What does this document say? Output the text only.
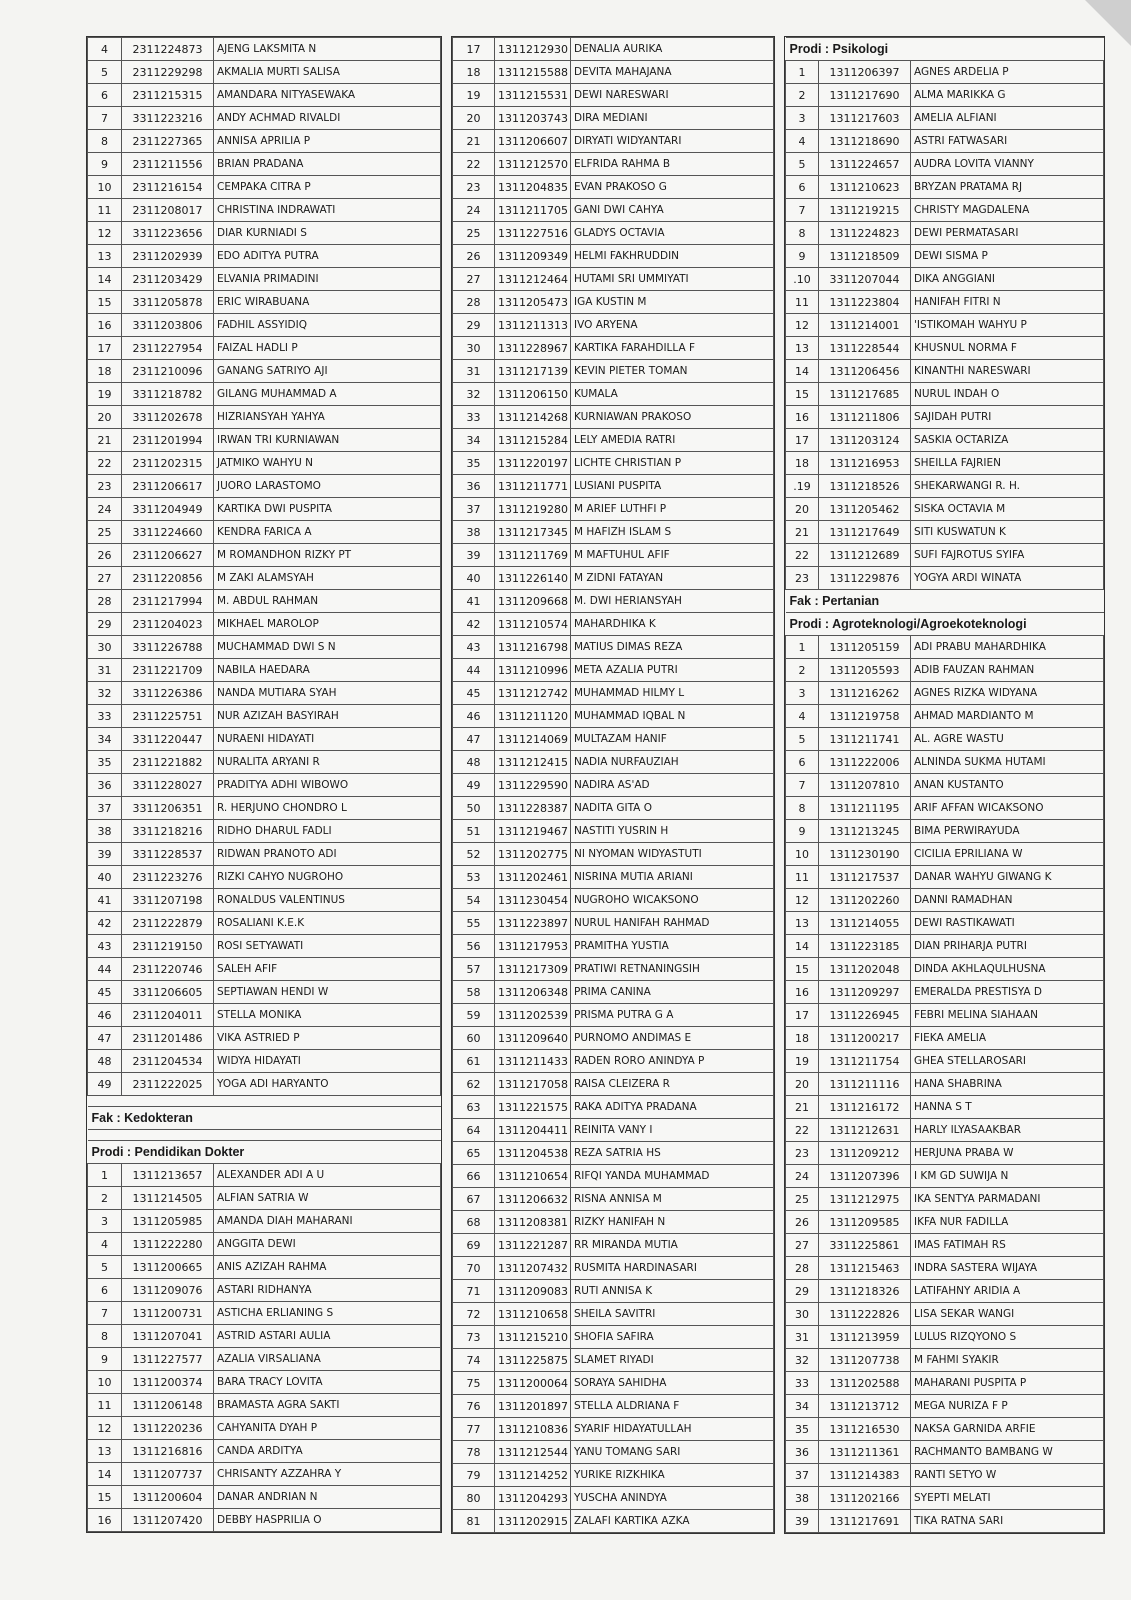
4	2311224873	AJENG LAKSMITA N
5	2311229298	AKMALIA MURTI SALISA
6	2311215315	AMANDARA NITYASEWAKA
7	3311223216	ANDY ACHMAD RIVALDI
8	2311227365	ANNISA APRILIA P
9	2311211556	BRIAN PRADANA
10	2311216154	CEMPAKA CITRA P
11	2311208017	CHRISTINA INDRAWATI
12	3311223656	DIAR KURNIADI S
13	2311202939	EDO ADITYA PUTRA
14	2311203429	ELVANIA PRIMADINI
15	3311205878	ERIC WIRABUANA
16	3311203806	FADHIL ASSYIDIQ
17	2311227954	FAIZAL HADLI P
18	2311210096	GANANG SATRIYO AJI
19	3311218782	GILANG MUHAMMAD A
20	3311202678	HIZRIANSYAH YAHYA
21	2311201994	IRWAN TRI KURNIAWAN
22	2311202315	JATMIKO WAHYU N
23	2311206617	JUORO LARASTOMO
24	3311204949	KARTIKA DWI PUSPITA
25	3311224660	KENDRA FARICA A
26	2311206627	M ROMANDHON RIZKY PT
27	2311220856	M ZAKI ALAMSYAH
28	2311217994	M. ABDUL RAHMAN
29	2311204023	MIKHAEL MAROLOP
30	3311226788	MUCHAMMAD DWI S N
31	2311221709	NABILA HAEDARA
32	3311226386	NANDA MUTIARA SYAH
33	2311225751	NUR AZIZAH BASYIRAH
34	3311220447	NURAENI HIDAYATI
35	2311221882	NURALITA ARYANI R
36	3311228027	PRADITYA ADHI WIBOWO
37	3311206351	R. HERJUNO CHONDRO L
38	3311218216	RIDHO DHARUL FADLI
39	3311228537	RIDWAN PRANOTO ADI
40	2311223276	RIZKI CAHYO NUGROHO
41	3311207198	RONALDUS VALENTINUS
42	2311222879	ROSALIANI K.E.K
43	2311219150	ROSI SETYAWATI
44	2311220746	SALEH AFIF
45	3311206605	SEPTIAWAN HENDI W
46	2311204011	STELLA MONIKA
47	2311201486	VIKA ASTRIED P
48	2311204534	WIDYA HIDAYATI
49	2311222025	YOGA ADI HARYANTO

Fak : Kedokteran		

Prodi : Pendidikan Dokter		
1	1311213657	ALEXANDER ADI A U
2	1311214505	ALFIAN SATRIA W
3	1311205985	AMANDA DIAH MAHARANI
4	1311222280	ANGGITA DEWI
5	1311200665	ANIS AZIZAH RAHMA
6	1311209076	ASTARI RIDHANYA
7	1311200731	ASTICHA ERLIANING S
8	1311207041	ASTRID ASTARI AULIA
9	1311227577	AZALIA VIRSALIANA
10	1311200374	BARA TRACY LOVITA
11	1311206148	BRAMASTA AGRA SAKTI
12	1311220236	CAHYANITA DYAH P
13	1311216816	CANDA ARDITYA
14	1311207737	CHRISANTY AZZAHRA Y
15	1311200604	DANAR ANDRIAN N
16	1311207420	DEBBY HASPRILIA O
17	1311212930	DENALIA AURIKA
18	1311215588	DEVITA MAHAJANA
19	1311215531	DEWI NARESWARI
20	1311203743	DIRA MEDIANI
21	1311206607	DIRYATI WIDYANTARI
22	1311212570	ELFRIDA RAHMA B
23	1311204835	EVAN PRAKOSO G
24	1311211705	GANI DWI CAHYA
25	1311227516	GLADYS OCTAVIA
26	1311209349	HELMI FAKHRUDDIN
27	1311212464	HUTAMI SRI UMMIYATI
28	1311205473	IGA KUSTIN M
29	1311211313	IVO ARYENA
30	1311228967	KARTIKA FARAHDILLA F
31	1311217139	KEVIN PIETER TOMAN
32	1311206150	KUMALA
33	1311214268	KURNIAWAN PRAKOSO
34	1311215284	LELY AMEDIA RATRI
35	1311220197	LICHTE CHRISTIAN P
36	1311211771	LUSIANI PUSPITA
37	1311219280	M ARIEF LUTHFI P
38	1311217345	M HAFIZH ISLAM S
39	1311211769	M MAFTUHUL AFIF
40	1311226140	M ZIDNI FATAYAN
41	1311209668	M. DWI HERIANSYAH
42	1311210574	MAHARDHIKA K
43	1311216798	MATIUS DIMAS REZA
44	1311210996	META AZALIA PUTRI
45	1311212742	MUHAMMAD HILMY L
46	1311211120	MUHAMMAD IQBAL N
47	1311214069	MULTAZAM HANIF
48	1311212415	NADIA NURFAUZIAH
49	1311229590	NADIRA AS'AD
50	1311228387	NADITA GITA O
51	1311219467	NASTITI YUSRIN H
52	1311202775	NI NYOMAN WIDYASTUTI
53	1311202461	NISRINA MUTIA ARIANI
54	1311230454	NUGROHO WICAKSONO
55	1311223897	NURUL HANIFAH RAHMAD
56	1311217953	PRAMITHA YUSTIA
57	1311217309	PRATIWI RETNANINGSIH
58	1311206348	PRIMA CANINA
59	1311202539	PRISMA PUTRA G A
60	1311209640	PURNOMO ANDIMAS E
61	1311211433	RADEN RORO ANINDYA P
62	1311217058	RAISA CLEIZERA R
63	1311221575	RAKA ADITYA PRADANA
64	1311204411	REINITA VANY I
65	1311204538	REZA SATRIA HS
66	1311210654	RIFQI YANDA MUHAMMAD
67	1311206632	RISNA ANNISA M
68	1311208381	RIZKY HANIFAH N
69	1311221287	RR MIRANDA MUTIA
70	1311207432	RUSMITA HARDINASARI
71	1311209083	RUTI ANNISA K
72	1311210658	SHEILA SAVITRI
73	1311215210	SHOFIA SAFIRA
74	1311225875	SLAMET RIYADI
75	1311200064	SORAYA SAHIDHA
76	1311201897	STELLA ALDRIANA F
77	1311210836	SYARIF HIDAYATULLAH
78	1311212544	YANU TOMANG SARI
79	1311214252	YURIKE RIZKHIKA
80	1311204293	YUSCHA ANINDYA
81	1311202915	ZALAFI KARTIKA AZKA
Prodi : Psikologi		
1	1311206397	AGNES ARDELIA P
2	1311217690	ALMA MARIKKA G
3	1311217603	AMELIA ALFIANI
4	1311218690	ASTRI FATWASARI
5	1311224657	AUDRA LOVITA VIANNY
6	1311210623	BRYZAN PRATAMA RJ
7	1311219215	CHRISTY MAGDALENA
8	1311224823	DEWI PERMATASARI
9	1311218509	DEWI SISMA P
.10	3311207044	DIKA ANGGIANI
11	1311223804	HANIFAH FITRI N
12	1311214001	'ISTIKOMAH WAHYU P
13	1311228544	KHUSNUL NORMA F
14	1311206456	KINANTHI NARESWARI
15	1311217685	NURUL INDAH O
16	1311211806	SAJIDAH PUTRI
17	1311203124	SASKIA OCTARIZA
18	1311216953	SHEILLA FAJRIEN
.19	1311218526	SHEKARWANGI R. H.
20	1311205462	SISKA OCTAVIA M
21	1311217649	SITI KUSWATUN K
22	1311212689	SUFI FAJROTUS SYIFA
23	1311229876	YOGYA ARDI WINATA
Fak : Pertanian		
Prodi : Agroteknologi/Agroekoteknologi		
1	1311205159	ADI PRABU MAHARDHIKA
2	1311205593	ADIB FAUZAN RAHMAN
3	1311216262	AGNES RIZKA WIDYANA
4	1311219758	AHMAD MARDIANTO M
5	1311211741	AL. AGRE WASTU
6	1311222006	ALNINDA SUKMA HUTAMI
7	1311207810	ANAN KUSTANTO
8	1311211195	ARIF AFFAN WICAKSONO
9	1311213245	BIMA PERWIRAYUDA
10	1311230190	CICILIA EPRILIANA W
11	1311217537	DANAR WAHYU GIWANG K
12	1311202260	DANNI RAMADHAN
13	1311214055	DEWI RASTIKAWATI
14	1311223185	DIAN PRIHARJA PUTRI
15	1311202048	DINDA AKHLAQULHUSNA
16	1311209297	EMERALDA PRESTISYA D
17	1311226945	FEBRI MELINA SIAHAAN
18	1311200217	FIEKA AMELIA
19	1311211754	GHEA STELLAROSARI
20	1311211116	HANA SHABRINA
21	1311216172	HANNA S T
22	1311212631	HARLY ILYASAAKBAR
23	1311209212	HERJUNA PRABA W
24	1311207396	I KM GD SUWIJA N
25	1311212975	IKA SENTYA PARMADANI
26	1311209585	IKFA NUR FADILLA
27	3311225861	IMAS FATIMAH RS
28	1311215463	INDRA SASTERA WIJAYA
29	1311218326	LATIFAHNY ARIDIA A
30	1311222826	LISA SEKAR WANGI
31	1311213959	LULUS RIZQYONO S
32	1311207738	M FAHMI SYAKIR
33	1311202588	MAHARANI PUSPITA P
34	1311213712	MEGA NURIZA F P
35	1311216530	NAKSA GARNIDA ARFIE
36	1311211361	RACHMANTO BAMBANG W
37	1311214383	RANTI SETYO W
38	1311202166	SYEPTI MELATI
39	1311217691	TIKA RATNA SARI
